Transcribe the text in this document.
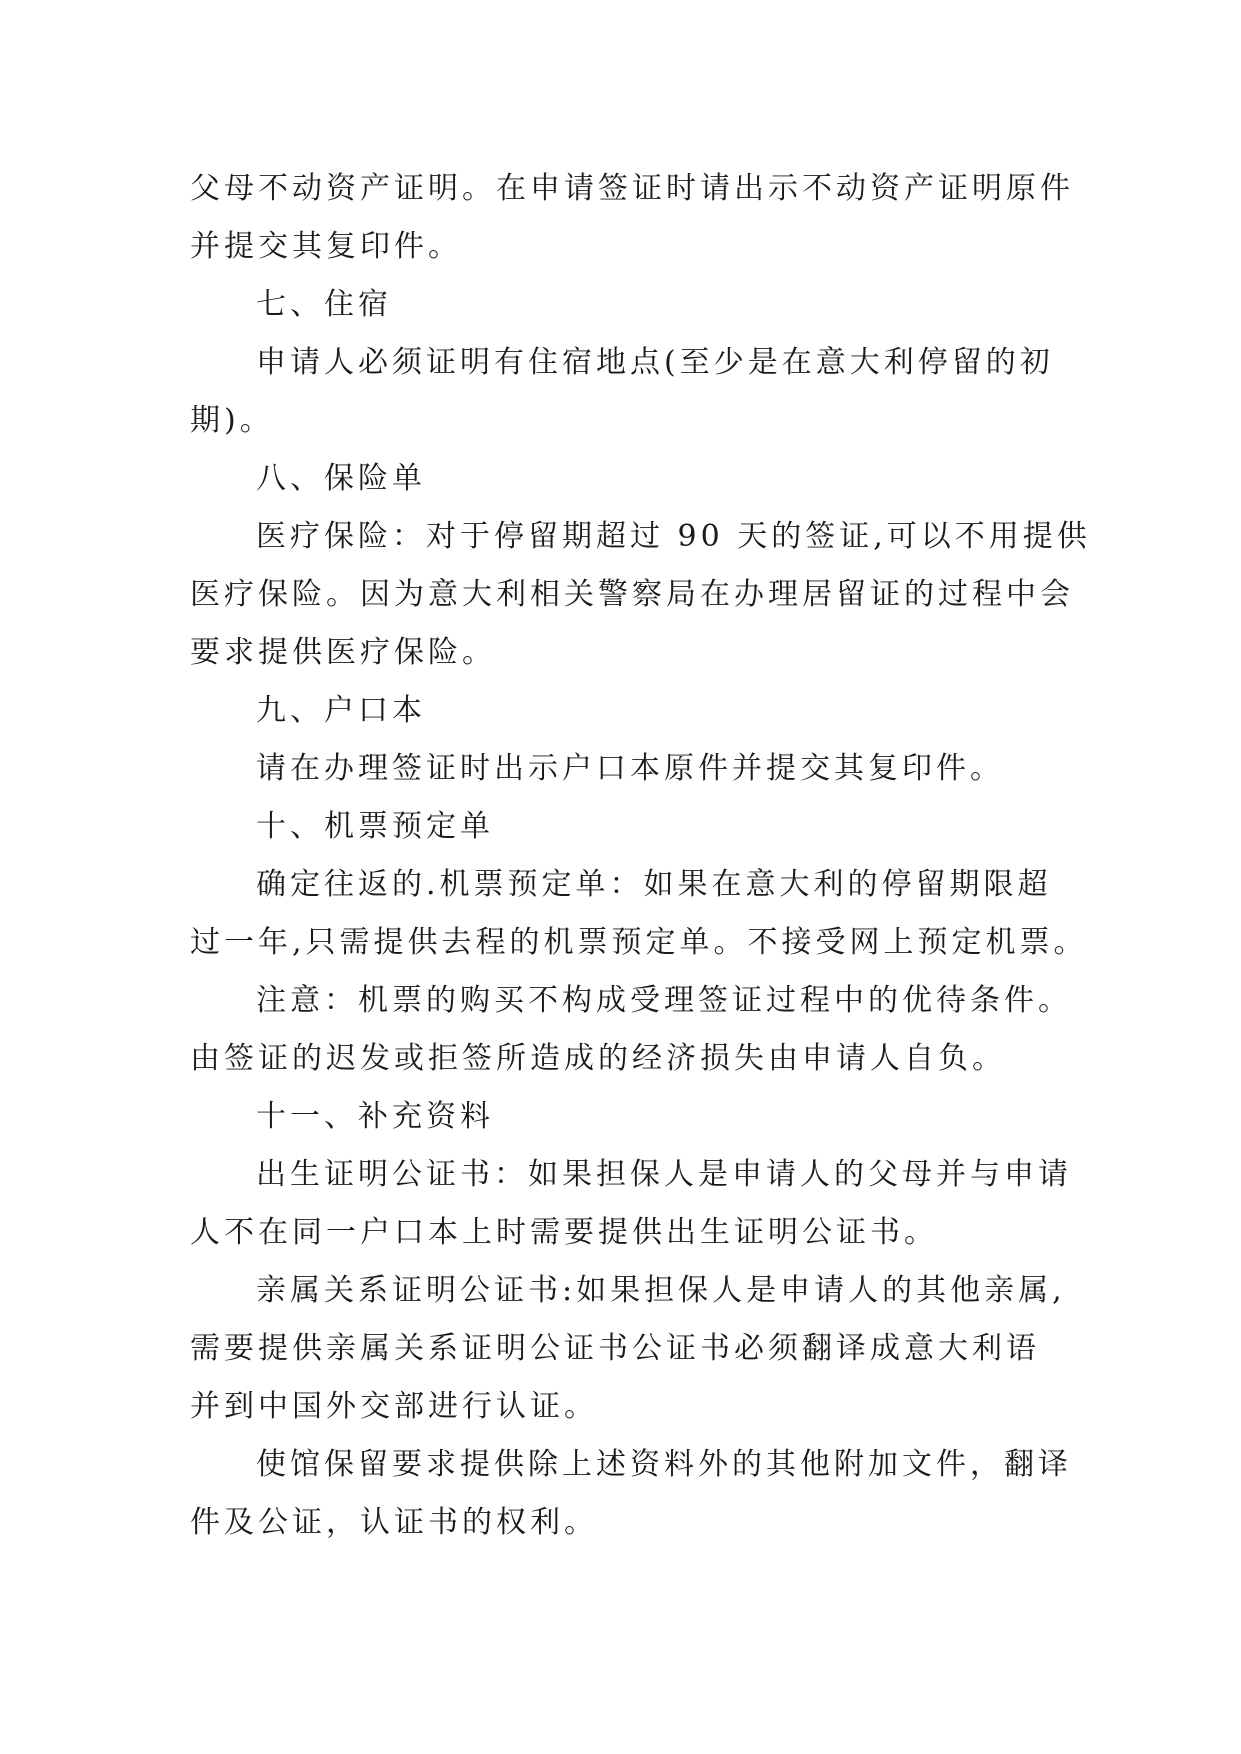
父母不动资产证明。在申请签证时请出示不动资产证明原件
并提交其复印件。
七、住宿
申请人必须证明有住宿地点(至少是在意大利停留的初
期)。
八、保险单
医疗保险：对于停留期超过 90 天的签证,可以不用提供
医疗保险。因为意大利相关警察局在办理居留证的过程中会
要求提供医疗保险。
九、户口本
请在办理签证时出示户口本原件并提交其复印件。
十、机票预定单
确定往返的.机票预定单：如果在意大利的停留期限超
过一年,只需提供去程的机票预定单。不接受网上预定机票。
注意：机票的购买不构成受理签证过程中的优待条件。
由签证的迟发或拒签所造成的经济损失由申请人自负。
十一、补充资料
出生证明公证书：如果担保人是申请人的父母并与申请
人不在同一户口本上时需要提供出生证明公证书。
亲属关系证明公证书:如果担保人是申请人的其他亲属,
需要提供亲属关系证明公证书公证书必须翻译成意大利语
并到中国外交部进行认证。
使馆保留要求提供除上述资料外的其他附加文件，翻译
件及公证，认证书的权利。
